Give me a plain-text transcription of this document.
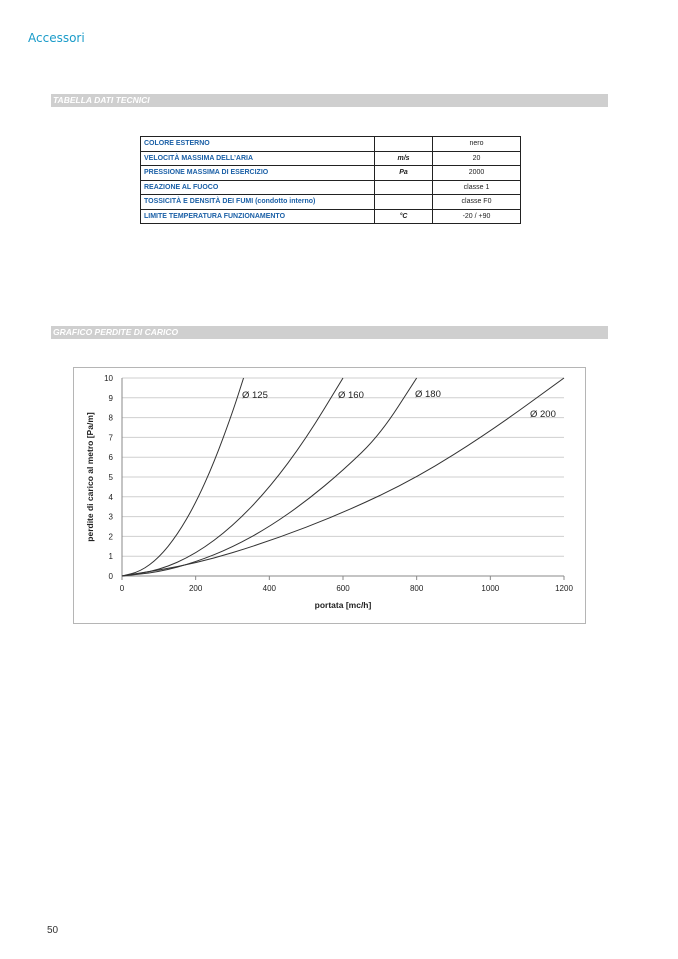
Accessori
TABELLA DATI TECNICI
COLORE ESTERNO		nero
VELOCITÀ MASSIMA DELL’ARIA	m/s	20
PRESSIONE MASSIMA DI ESERCIZIO	Pa	2000
REAZIONE AL FUOCO		classe 1
TOSSICITÀ E DENSITÀ DEI FUMI (condotto interno)		classe F0
LIMITE TEMPERATURA FUNZIONAMENTO	°C	-20 / +90
GRAFICO PERDITE DI CARICO
0
1
2
3
4
5
6
7
8
9
10
0	200	400	600	800	1000	1200
portata [mc/h]
perdite di carico al metro [Pa/m]
Ø 125	Ø 160	Ø 180
Ø 200
50
